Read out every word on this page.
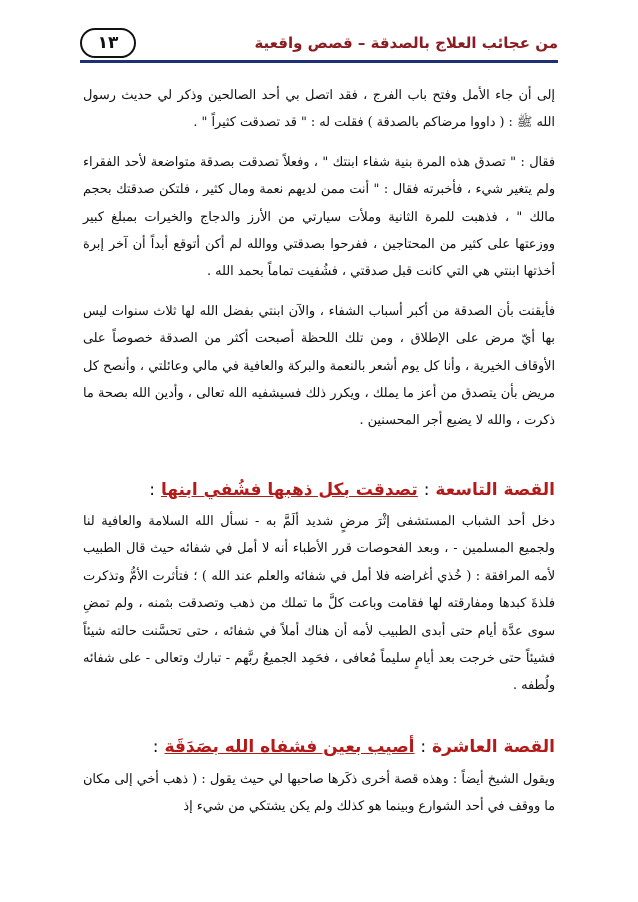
١٣	من عجائب العلاج بالصدقة – قصص واقعية

إلى أن جاء الأمل وفتح باب الفرج ، فقد اتصل بي أحد الصالحين وذكر لي حديث رسول الله ﷺ : ( داووا مرضاكم بالصدقة ) فقلت له : " قد تصدقت كثيراً " .

فقال : " تصدق هذه المرة بنية شفاء ابنتك " ، وفعلاً تصدقت بصدقة متواضعة لأحد الفقراء ولم يتغير شيء ، فأخبرته فقال : " أنت ممن لديهم نعمة ومال كثير ، فلتكن صدقتك بحجم مالك " ، فذهبت للمرة الثانية وملأت سيارتي من الأرز والدجاج والخيرات بمبلغ كبير ووزعتها على كثير من المحتاجين ، ففرحوا بصدقتي ووالله لم أكن أتوقع أبداً أن آخر إبرة أخذتها ابنتي هي التي كانت قبل صدقتي ، فشُفيت تماماً بحمد الله .

فأيقنت بأن الصدقة من أكبر أسباب الشفاء ، والآن ابنتي بفضل الله لها ثلاث سنوات ليس بها أيّ مرض على الإطلاق ، ومن تلك اللحظة أصبحت أكثر من الصدقة خصوصاً على الأوقاف الخيرية ، وأنا كل يوم أشعر بالنعمة والبركة والعافية في مالي وعائلتي ، وأنصح كل مريض بأن يتصدق من أعز ما يملك ، ويكرر ذلك فسيشفيه الله تعالى ، وأدين الله بصحة ما ذكرت ، والله لا يضيع أجر المحسنين .

القصة التاسعة : تصدقت بكل ذهبها فشُفي ابنها :

دخل أحد الشباب المستشفى إثْرَ مرضٍ شديد ألَمَّ به - نسأل الله السلامة والعافية لنا ولجميع المسلمين - ، وبعد الفحوصات قرر الأطباء أنه لا أمل في شفائه حيث قال الطبيب لأمه المرافقة : ( خُذي أغراضه فلا أمل في شفائه والعلم عند الله ) ؛ فتأثرت الأمُّ وتذكرت فلذةَ كبدها ومفارقته لها فقامت وباعت كلَّ ما تملك من ذهب وتصدقت بثمنه ، ولم تمضِ سوى عدَّة أيام حتى أبدى الطبيب لأمه أن هناك أملاً في شفائه ، حتى تحسَّنت حالته شيئاً فشيئاً حتى خرجت بعد أيامٍ سليماً مُعافى ، فحَمِد الجميعُ ربَّهم - تبارك وتعالى - على شفائه ولُطفه .

القصة العاشرة : أصيب بعين فشفاه الله بصَدَقَة :

ويقول الشيخ أيضاً : وهذه قصة أخرى ذكَرها صاحبها لي حيث يقول : ( ذهب أخي إلى مكان ما ووقف في أحد الشوارع وبينما هو كذلك ولم يكن يشتكي من شيء إذ
